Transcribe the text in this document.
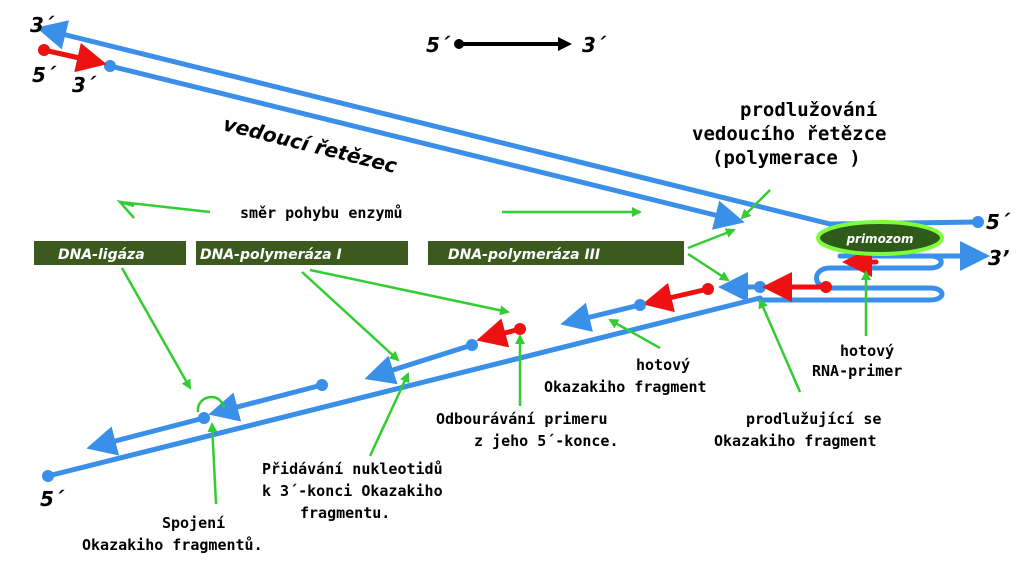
5´	3´
3´
5´ 3´
5´
3’
5´
primozom
DNA-ligáza	DNA-polymeráza I	DNA-polymeráza III
vedoucí řetězec
prodlužování
vedoucího řetězce
(polymerace )
směr pohybu enzymů
hotový
Okazakiho fragment
hotový
RNA-primer
Odbourávání primeru
z jeho 5´-konce.
prodlužující se
Okazakiho fragment
Přidávání nukleotidů
k 3´-konci Okazakiho
fragmentu.
Spojení
Okazakiho fragmentů.
